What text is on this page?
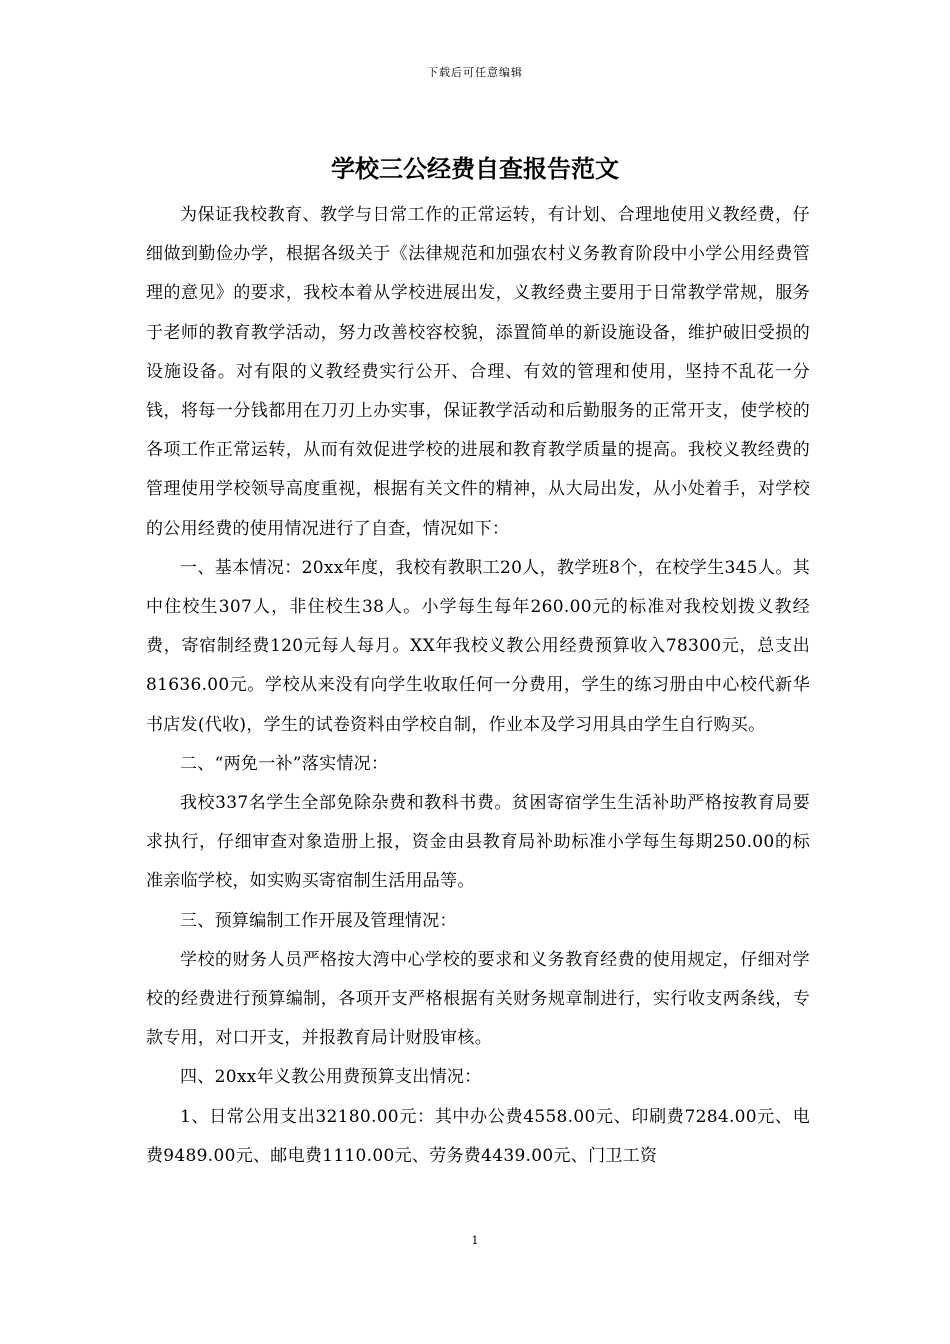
下载后可任意编辑
学校三公经费自查报告范文

为保证我校教育、教学与日常工作的正常运转，有计划、合理地使用义教经费，仔细做到勤俭办学，根据各级关于《法律规范和加强农村义务教育阶段中小学公用经费管理的意见》的要求，我校本着从学校进展出发，义教经费主要用于日常教学常规，服务于老师的教育教学活动，努力改善校容校貌，添置简单的新设施设备，维护破旧受损的设施设备。对有限的义教经费实行公开、合理、有效的管理和使用，坚持不乱花一分钱，将每一分钱都用在刀刃上办实事，保证教学活动和后勤服务的正常开支，使学校的各项工作正常运转，从而有效促进学校的进展和教育教学质量的提高。我校义教经费的管理使用学校领导高度重视，根据有关文件的精神，从大局出发，从小处着手，对学校的公用经费的使用情况进行了自查，情况如下：

一、基本情况：20xx年度，我校有教职工20人，教学班8个，在校学生345人。其中住校生307人，非住校生38人。小学每生每年260.00元的标准对我校划拨义教经费，寄宿制经费120元每人每月。XX年我校义教公用经费预算收入78300元，总支出81636.00元。学校从来没有向学生收取任何一分费用，学生的练习册由中心校代新华书店发(代收)，学生的试卷资料由学校自制，作业本及学习用具由学生自行购买。

二、“两免一补”落实情况：

我校337名学生全部免除杂费和教科书费。贫困寄宿学生生活补助严格按教育局要求执行，仔细审查对象造册上报，资金由县教育局补助标准小学每生每期250.00的标准亲临学校，如实购买寄宿制生活用品等。

三、预算编制工作开展及管理情况：

学校的财务人员严格按大湾中心学校的要求和义务教育经费的使用规定，仔细对学校的经费进行预算编制，各项开支严格根据有关财务规章制进行，实行收支两条线，专款专用，对口开支，并报教育局计财股审核。

四、20xx年义教公用费预算支出情况：

1、日常公用支出32180.00元：其中办公费4558.00元、印刷费7284.00元、电费9489.00元、邮电费1110.00元、劳务费4439.00元、门卫工资

1
